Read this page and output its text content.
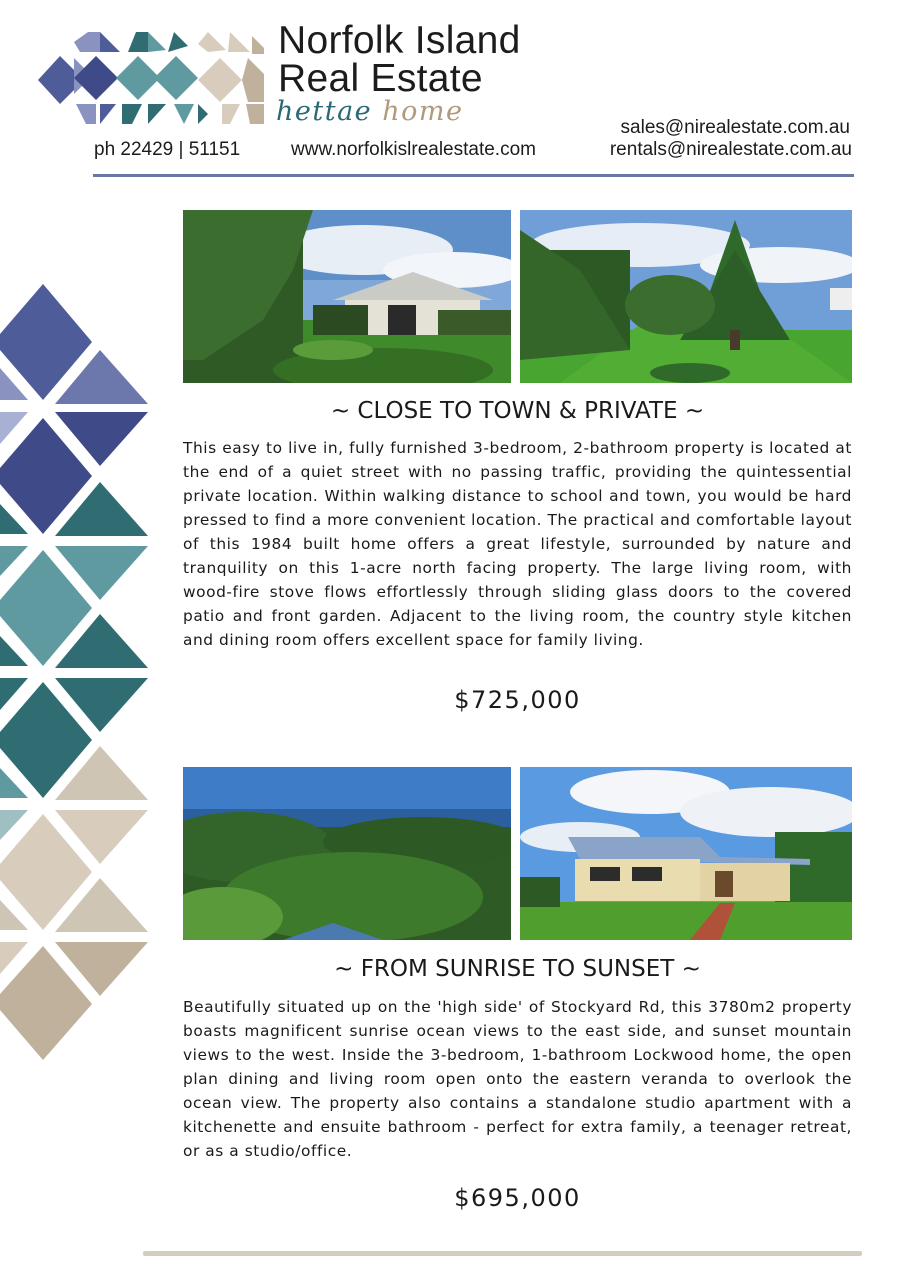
Norfolk Island
Real Estate
hettae home
ph 22429 | 51151	www.norfolkislrealestate.com
sales@nirealestate.com.au
rentals@nirealestate.com.au
~ CLOSE TO TOWN & PRIVATE ~
This easy to live in, fully furnished 3-bedroom, 2-bathroom property is located at the end of a quiet street with no passing traffic, providing the quintessential private location. Within walking distance to school and town, you would be hard pressed to find a more convenient location. The practical and comfortable layout of this 1984 built home offers a great lifestyle, surrounded by nature and tranquility on this 1-acre north facing property. The large living room, with wood-fire stove flows effortlessly through sliding glass doors to the covered patio and front garden. Adjacent to the living room, the country style kitchen and dining room offers excellent space for family living.
$725,000
~ FROM SUNRISE TO SUNSET ~
Beautifully situated up on the 'high side' of Stockyard Rd, this 3780m2 property boasts magnificent sunrise ocean views to the east side, and sunset mountain views to the west. Inside the 3-bedroom, 1-bathroom Lockwood home, the open plan dining and living room open onto the eastern veranda to overlook the ocean view. The property also contains a standalone studio apartment with a kitchenette and ensuite bathroom - perfect for extra family, a teenager retreat, or as a studio/office.
$695,000
